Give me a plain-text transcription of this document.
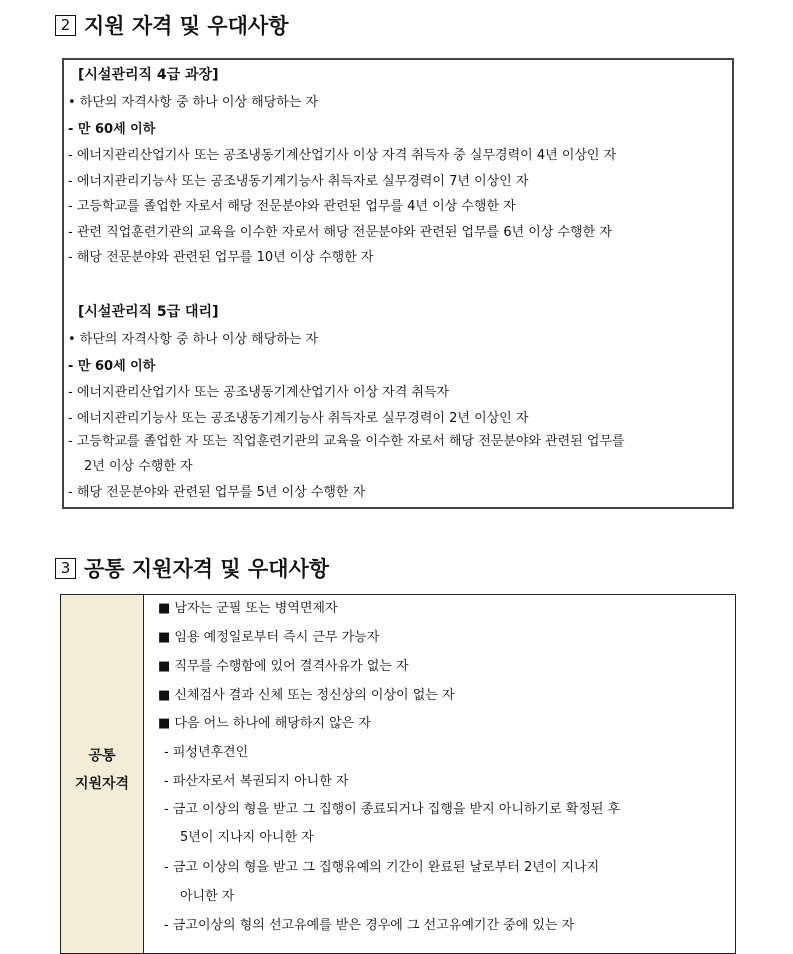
2 지원 자격 및 우대사항
[시설관리직 4급 과장]
• 하단의 자격사항 중 하나 이상 해당하는 자
- 만 60세 이하
- 에너지관리산업기사 또는 공조냉동기계산업기사 이상 자격 취득자 중 실무경력이 4년 이상인 자
- 에너지관리기능사 또는 공조냉동기계기능사 취득자로 실무경력이 7년 이상인 자
- 고등학교를 졸업한 자로서 해당 전문분야와 관련된 업무를 4년 이상 수행한 자
- 관련 직업훈련기관의 교육을 이수한 자로서 해당 전문분야와 관련된 업무를 6년 이상 수행한 자
- 해당 전문분야와 관련된 업무를 10년 이상 수행한 자
[시설관리직 5급 대리]
• 하단의 자격사항 중 하나 이상 해당하는 자
- 만 60세 이하
- 에너지관리산업기사 또는 공조냉동기계산업기사 이상 자격 취득자
- 에너지관리기능사 또는 공조냉동기계기능사 취득자로 실무경력이 2년 이상인 자
- 고등학교를 졸업한 자 또는 직업훈련기관의 교육을 이수한 자로서 해당 전문분야와 관련된 업무를
2년 이상 수행한 자
- 해당 전문분야와 관련된 업무를 5년 이상 수행한 자
3 공통 지원자격 및 우대사항
공통
지원자격
■ 남자는 군필 또는 병역면제자
■ 임용 예정일로부터 즉시 근무 가능자
■ 직무를 수행함에 있어 결격사유가 없는 자
■ 신체검사 결과 신체 또는 정신상의 이상이 없는 자
■ 다음 어느 하나에 해당하지 않은 자
- 피성년후견인
- 파산자로서 복권되지 아니한 자
- 금고 이상의 형을 받고 그 집행이 종료되거나 집행을 받지 아니하기로 확정된 후
5년이 지나지 아니한 자
- 금고 이상의 형을 받고 그 집행유예의 기간이 완료된 날로부터 2년이 지나지
아니한 자
- 금고이상의 형의 선고유예를 받은 경우에 그 선고유예기간 중에 있는 자
